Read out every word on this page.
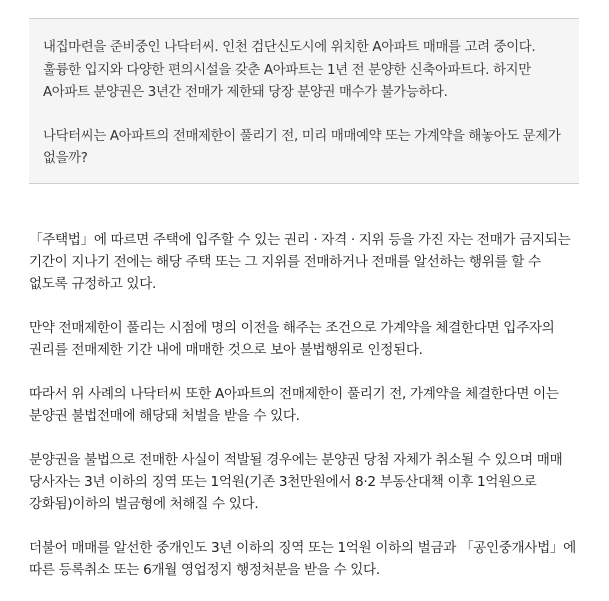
내집마련을 준비중인 나닥터씨. 인천 검단신도시에 위치한 A아파트 매매를 고려 중이다. 훌륭한 입지와 다양한 편의시설을 갖춘 A아파트는 1년 전 분양한 신축아파트다. 하지만 A아파트 분양권은 3년간 전매가 제한돼 당장 분양권 매수가 불가능하다.

나닥터씨는 A아파트의 전매제한이 풀리기 전, 미리 매매예약 또는 가계약을 해놓아도 문제가 없을까?

「주택법」에 따르면 주택에 입주할 수 있는 권리 · 자격 · 지위 등을 가진 자는 전매가 금지되는 기간이 지나기 전에는 해당 주택 또는 그 지위를 전매하거나 전매를 알선하는 행위를 할 수 없도록 규정하고 있다.

만약 전매제한이 풀리는 시점에 명의 이전을 해주는 조건으로 가계약을 체결한다면 입주자의 권리를 전매제한 기간 내에 매매한 것으로 보아 불법행위로 인정된다.

따라서 위 사례의 나닥터씨 또한 A아파트의 전매제한이 풀리기 전, 가계약을 체결한다면 이는 분양권 불법전매에 해당돼 처벌을 받을 수 있다.

분양권을 불법으로 전매한 사실이 적발될 경우에는 분양권 당첨 자체가 취소될 수 있으며 매매 당사자는 3년 이하의 징역 또는 1억원(기존 3천만원에서 8·2 부동산대책 이후 1억원으로 강화됨)이하의 벌금형에 처해질 수 있다.

더불어 매매를 알선한 중개인도 3년 이하의 징역 또는 1억원 이하의 벌금과 「공인중개사법」에 따른 등록취소 또는 6개월 영업정지 행정처분을 받을 수 있다.
